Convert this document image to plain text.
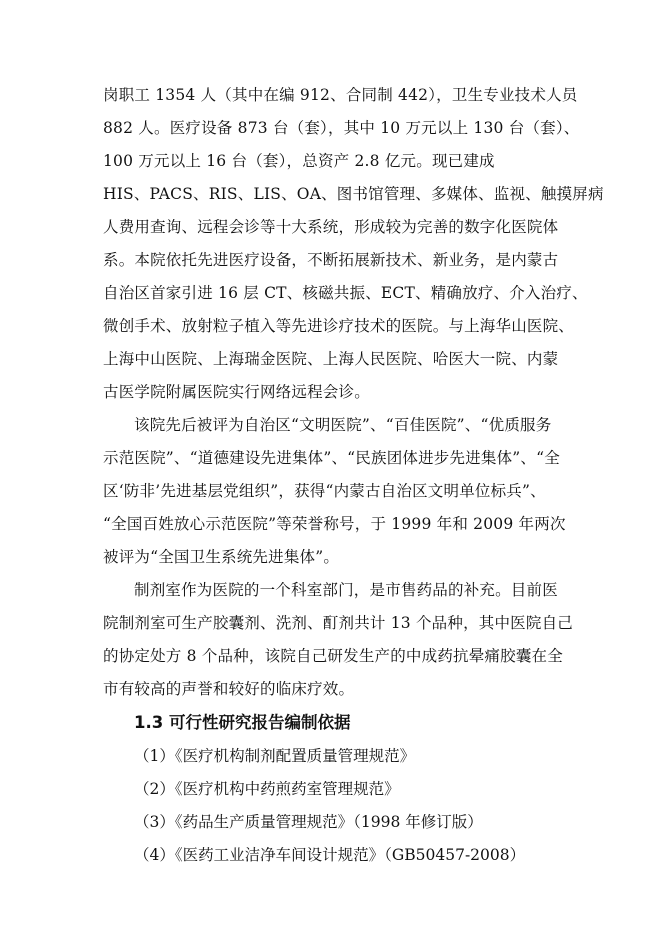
岗职工 1354 人（其中在编 912、合同制 442），卫生专业技术人员
882 人。医疗设备 873 台（套），其中 10 万元以上 130 台（套）、
100 万元以上 16 台（套），总资产 2.8 亿元。现已建成
HIS、PACS、RIS、LIS、OA、图书馆管理、多媒体、监视、触摸屏病
人费用查询、远程会诊等十大系统，形成较为完善的数字化医院体
系。本院依托先进医疗设备，不断拓展新技术、新业务，是内蒙古
自治区首家引进 16 层 CT、核磁共振、ECT、精确放疗、介入治疗、
微创手术、放射粒子植入等先进诊疗技术的医院。与上海华山医院、
上海中山医院、上海瑞金医院、上海人民医院、哈医大一院、内蒙
古医学院附属医院实行网络远程会诊。
该院先后被评为自治区“文明医院”、“百佳医院”、“优质服务
示范医院”、“道德建设先进集体”、“民族团体进步先进集体”、“全
区‘防非’先进基层党组织”，获得“内蒙古自治区文明单位标兵”、
“全国百姓放心示范医院”等荣誉称号，于 1999 年和 2009 年两次
被评为“全国卫生系统先进集体”。
制剂室作为医院的一个科室部门，是市售药品的补充。目前医
院制剂室可生产胶囊剂、洗剂、酊剂共计 13 个品种，其中医院自己
的协定处方 8 个品种，该院自己研发生产的中成药抗晕痛胶囊在全
市有较高的声誉和较好的临床疗效。
1.3 可行性研究报告编制依据
（1）《医疗机构制剂配置质量管理规范》
（2）《医疗机构中药煎药室管理规范》
（3）《药品生产质量管理规范》（1998 年修订版）
（4）《医药工业洁净车间设计规范》（GB50457-2008）
